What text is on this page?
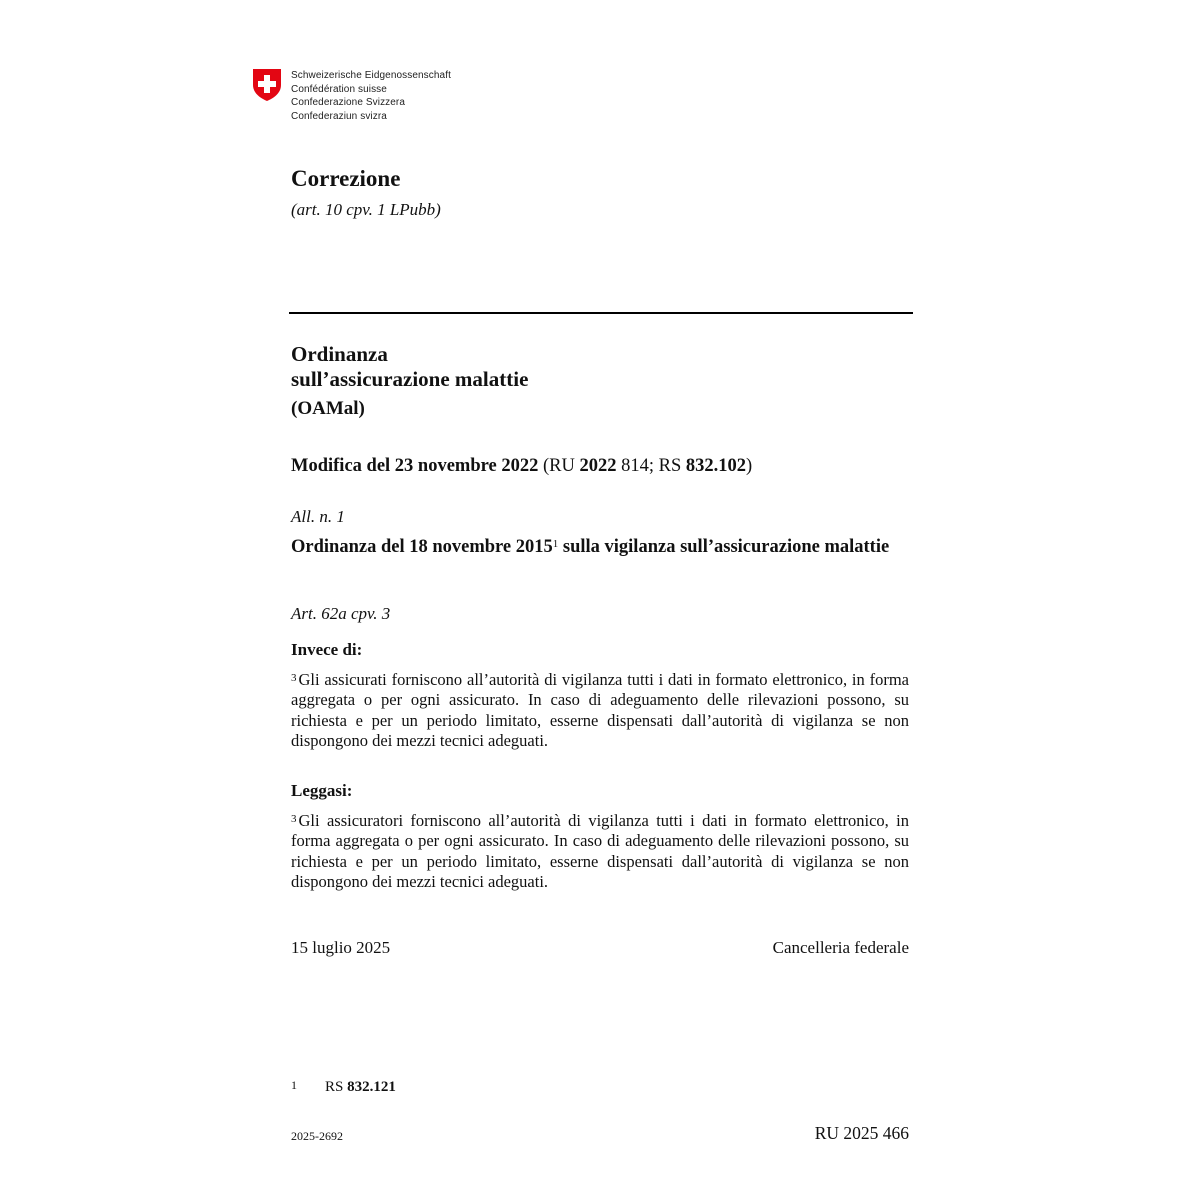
Schweizerische Eidgenossenschaft
Confédération suisse
Confederazione Svizzera
Confederaziun svizra
Correzione
(art. 10 cpv. 1 LPubb)
Ordinanza
sull’assicurazione malattie
(OAMal)
Modifica del 23 novembre 2022 (RU 2022 814; RS 832.102)
All. n. 1
Ordinanza del 18 novembre 2015$^1$ sulla vigilanza sull’assicurazione malattie
Art. 62a cpv. 3
Invece di:
$^3$ Gli assicurati forniscono all’autorità di vigilanza tutti i dati in formato elettronico, in forma aggregata o per ogni assicurato. In caso di adeguamento delle rilevazioni possono, su richiesta e per un periodo limitato, esserne dispensati dall’autorità di vigilanza se non dispongono dei mezzi tecnici adeguati.
Leggasi:
$^3$ Gli assicuratori forniscono all’autorità di vigilanza tutti i dati in formato elettronico, in forma aggregata o per ogni assicurato. In caso di adeguamento delle rilevazioni possono, su richiesta e per un periodo limitato, esserne dispensati dall’autorità di vigilanza se non dispongono dei mezzi tecnici adeguati.
15 luglio 2025	Cancelleria federale
1 RS 832.121
2025-2692	RU 2025 466
